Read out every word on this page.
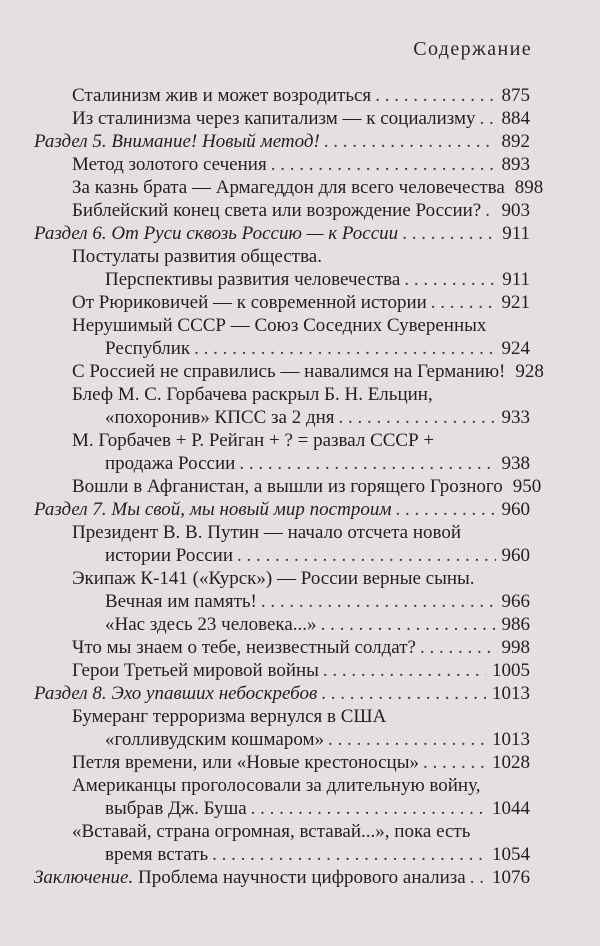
Содержание
Сталинизм жив и может возродиться . . .	875
Из сталинизма через капитализм — к социализму . . . 884
Раздел 5. Внимание! Новый метод! . . .	892
Метод золотого сечения . . .	893
За казнь брата — Армагеддон для всего человечества 898
Библейский конец света или возрождение России? . . . 903
Раздел 6. От Руси сквозь Россию — к России . . .	911
Постулаты развития общества.
Перспективы развития человечества . . .	911
От Рюриковичей — к современной истории . . .	921
Нерушимый СССР — Союз Соседних Суверенных
Республик . . .	924
С Россией не справились — навалимся на Германию! 928
Блеф М. С. Горбачева раскрыл Б. Н. Ельцин,
«похоронив» КПСС за 2 дня . . .	933
М. Горбачев + Р. Рейган + ? = развал СССР +
продажа России . . .	938
Вошли в Афганистан, а вышли из горящего Грозного 950
Раздел 7. Мы свой, мы новый мир построим . . .	960
Президент В. В. Путин — начало отсчета новой
истории России . . .	960
Экипаж К-141 («Курск») — России верные сыны.
Вечная им память! . . .	966
«Нас здесь 23 человека...» . . .	986
Что мы знаем о тебе, неизвестный солдат? . . .	998
Герои Третьей мировой войны . . .	1005
Раздел 8. Эхо упавших небоскребов . . .	1013
Бумеранг терроризма вернулся в США
«голливудским кошмаром» . . .	1013
Петля времени, или «Новые крестоносцы» . . .	1028
Американцы проголосовали за длительную войну,
выбрав Дж. Буша . . .	1044
«Вставай, страна огромная, вставай...», пока есть
время встать . . .	1054
Заключение. Проблема научности цифрового анализа . . . 1076
